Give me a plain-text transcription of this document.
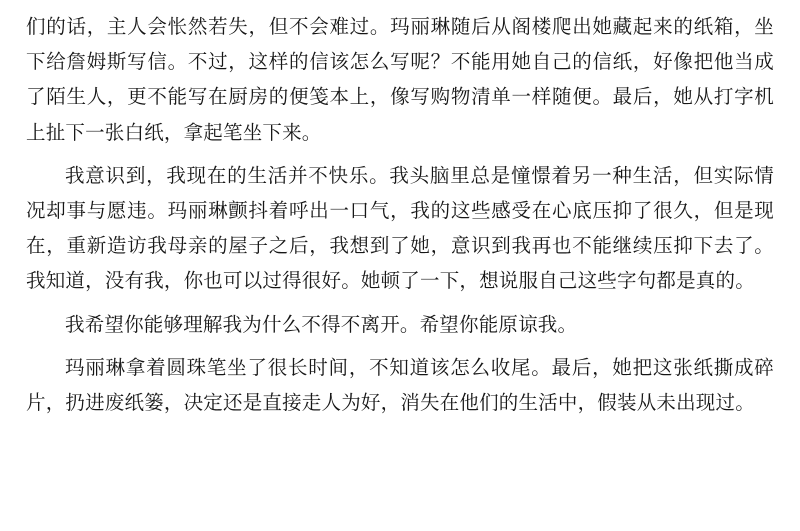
们的话，主人会怅然若失，但不会难过。玛丽琳随后从阁楼爬出她藏起来的纸箱，坐下给詹姆斯写信。不过，这样的信该怎么写呢？不能用她自己的信纸，好像把他当成了陌生人，更不能写在厨房的便笺本上，像写购物清单一样随便。最后，她从打字机上扯下一张白纸，拿起笔坐下来。

我意识到，我现在的生活并不快乐。我头脑里总是憧憬着另一种生活，但实际情况却事与愿违。玛丽琳颤抖着呼出一口气，我的这些感受在心底压抑了很久，但是现在，重新造访我母亲的屋子之后，我想到了她，意识到我再也不能继续压抑下去了。我知道，没有我，你也可以过得很好。她顿了一下，想说服自己这些字句都是真的。

我希望你能够理解我为什么不得不离开。希望你能原谅我。

玛丽琳拿着圆珠笔坐了很长时间，不知道该怎么收尾。最后，她把这张纸撕成碎片，扔进废纸篓，决定还是直接走人为好，消失在他们的生活中，假装从未出现过。
